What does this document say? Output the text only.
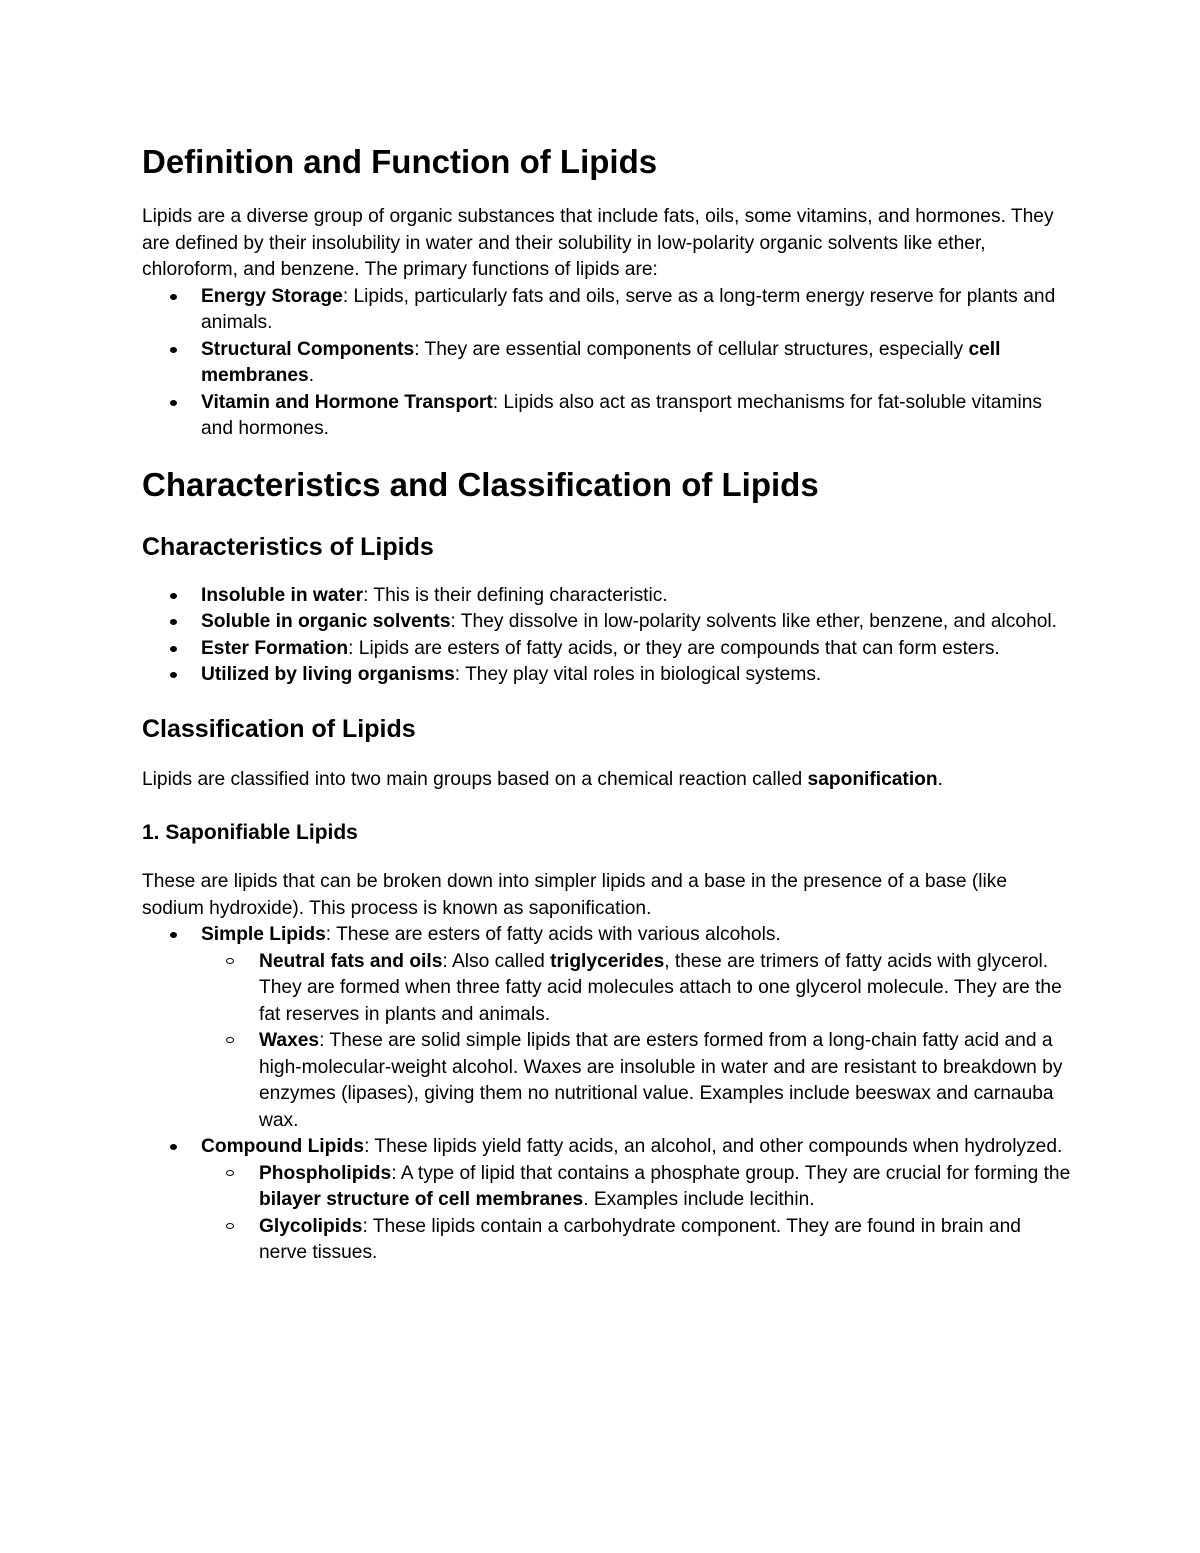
Definition and Function of Lipids

Lipids are a diverse group of organic substances that include fats, oils, some vitamins, and hormones. They are defined by their insolubility in water and their solubility in low-polarity organic solvents like ether, chloroform, and benzene. The primary functions of lipids are:

Energy Storage: Lipids, particularly fats and oils, serve as a long-term energy reserve for plants and animals.
Structural Components: They are essential components of cellular structures, especially cell membranes.
Vitamin and Hormone Transport: Lipids also act as transport mechanisms for fat-soluble vitamins and hormones.
Characteristics and Classification of Lipids
Characteristics of Lipids
Insoluble in water: This is their defining characteristic.
Soluble in organic solvents: They dissolve in low-polarity solvents like ether, benzene, and alcohol.
Ester Formation: Lipids are esters of fatty acids, or they are compounds that can form esters.
Utilized by living organisms: They play vital roles in biological systems.
Classification of Lipids

Lipids are classified into two main groups based on a chemical reaction called saponification.

1. Saponifiable Lipids

These are lipids that can be broken down into simpler lipids and a base in the presence of a base (like sodium hydroxide). This process is known as saponification.

Simple Lipids: These are esters of fatty acids with various alcohols.
Neutral fats and oils: Also called triglycerides, these are trimers of fatty acids with glycerol. They are formed when three fatty acid molecules attach to one glycerol molecule. They are the fat reserves in plants and animals.
Waxes: These are solid simple lipids that are esters formed from a long-chain fatty acid and a high-molecular-weight alcohol. Waxes are insoluble in water and are resistant to breakdown by enzymes (lipases), giving them no nutritional value. Examples include beeswax and carnauba wax.
Compound Lipids: These lipids yield fatty acids, an alcohol, and other compounds when hydrolyzed.
Phospholipids: A type of lipid that contains a phosphate group. They are crucial for forming the bilayer structure of cell membranes. Examples include lecithin.
Glycolipids: These lipids contain a carbohydrate component. They are found in brain and nerve tissues.
